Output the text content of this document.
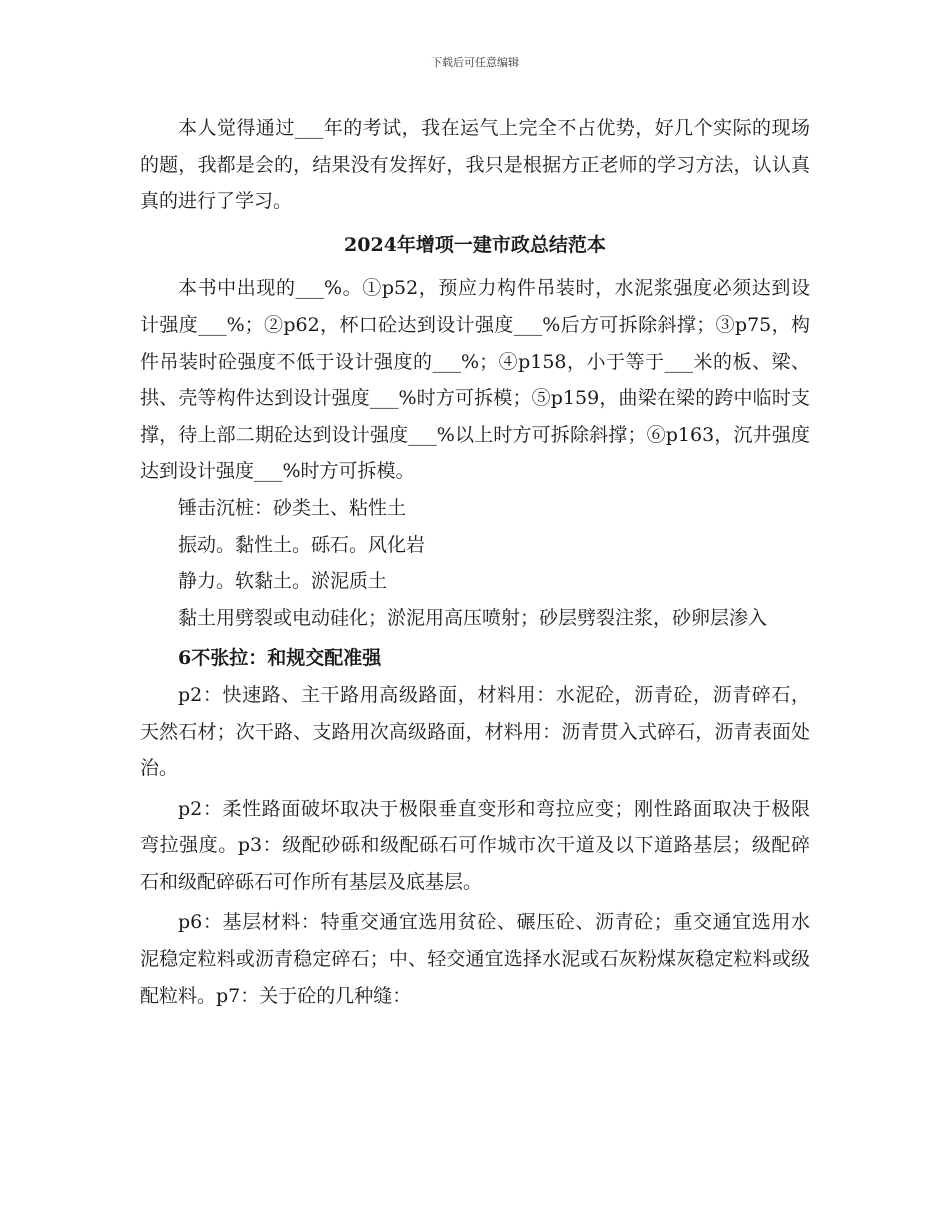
下载后可任意编辑

本人觉得通过___年的考试，我在运气上完全不占优势，好几个实际的现场的题，我都是会的，结果没有发挥好，我只是根据方正老师的学习方法，认认真真的进行了学习。

2024年增项一建市政总结范本

本书中出现的___%。①p52，预应力构件吊装时，水泥浆强度必须达到设计强度___%；②p62，杯口砼达到设计强度___%后方可拆除斜撑；③p75，构件吊装时砼强度不低于设计强度的___%；④p158，小于等于___米的板、梁、拱、壳等构件达到设计强度___%时方可拆模；⑤p159，曲梁在梁的跨中临时支撑，待上部二期砼达到设计强度___%以上时方可拆除斜撑；⑥p163，沉井强度达到设计强度___%时方可拆模。

锤击沉桩：砂类土、粘性土

振动。黏性土。砾石。风化岩

静力。软黏土。淤泥质土

黏土用劈裂或电动硅化；淤泥用高压喷射；砂层劈裂注浆，砂卵层渗入

6不张拉：和规交配准强

p2：快速路、主干路用高级路面，材料用：水泥砼，沥青砼，沥青碎石，天然石材；次干路、支路用次高级路面，材料用：沥青贯入式碎石，沥青表面处治。

p2：柔性路面破坏取决于极限垂直变形和弯拉应变；刚性路面取决于极限弯拉强度。p3：级配砂砾和级配砾石可作城市次干道及以下道路基层；级配碎石和级配碎砾石可作所有基层及底基层。

p6：基层材料：特重交通宜选用贫砼、碾压砼、沥青砼；重交通宜选用水泥稳定粒料或沥青稳定碎石；中、轻交通宜选择水泥或石灰粉煤灰稳定粒料或级配粒料。p7：关于砼的几种缝：
